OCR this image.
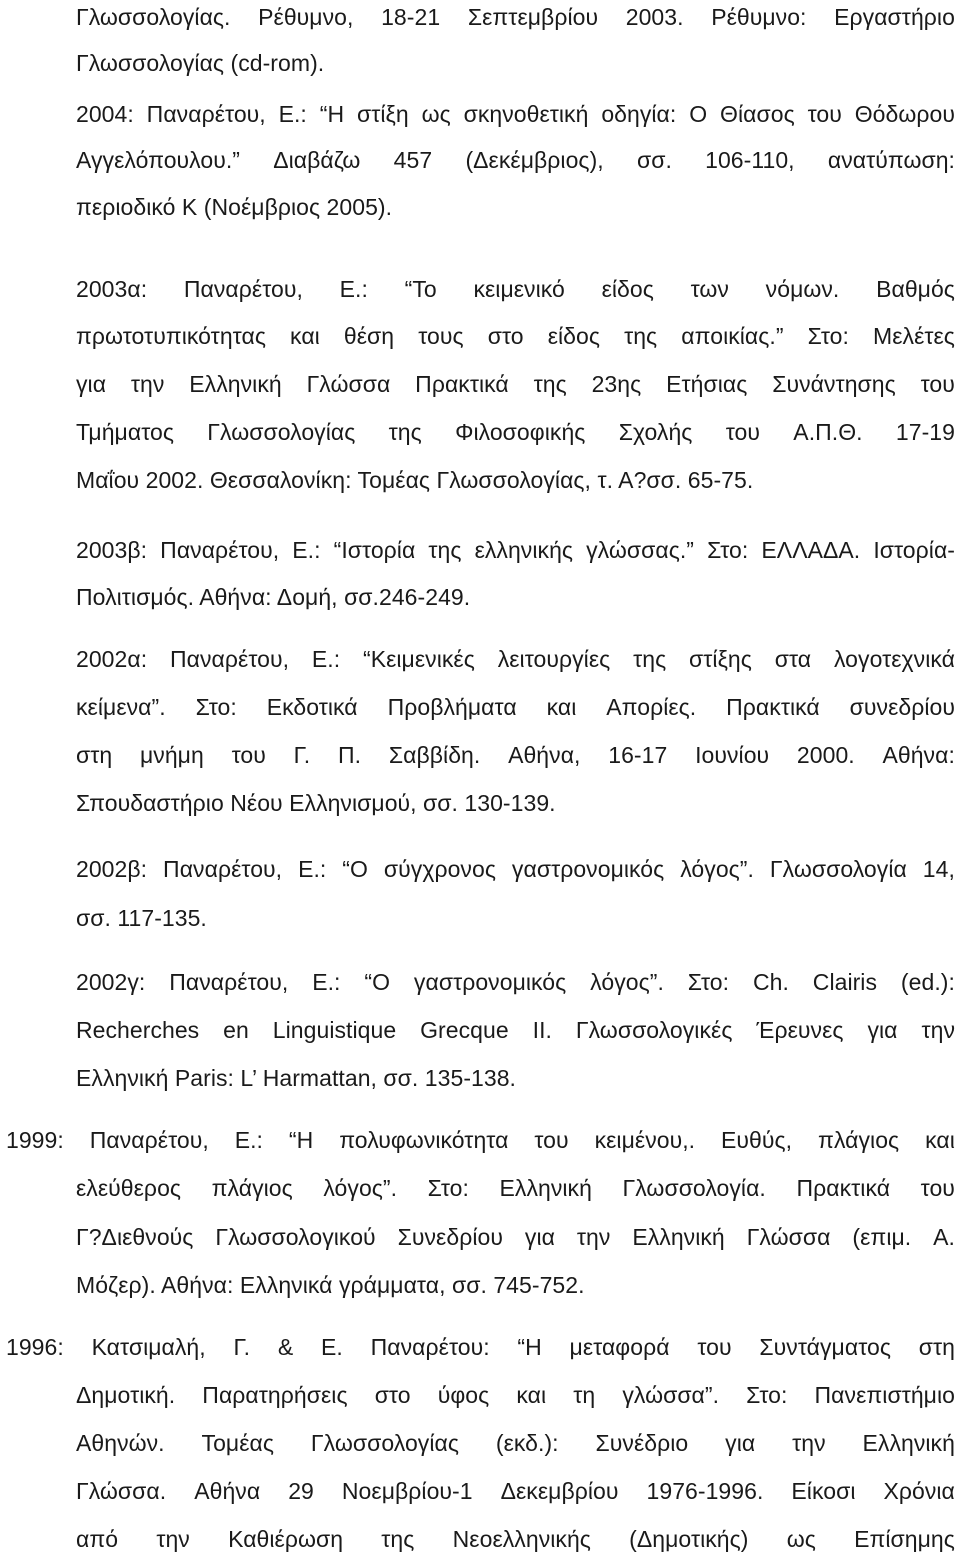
Γλωσσολογίας. Ρέθυμνο, 18-21 Σεπτεμβρίου 2003. Ρέθυμνο: Εργαστήριο
Γλωσσολογίας (cd-rom).
2004: Παναρέτου, Ε.: “Η στίξη ως σκηνοθετική οδηγία: Ο Θίασος του Θόδωρου
Αγγελόπουλου.” Διαβάζω 457 (Δεκέμβριος), σσ. 106-110, ανατύπωση:
περιοδικό Κ (Νοέμβριος 2005).
2003α: Παναρέτου, Ε.: “Το κειμενικό είδος των νόμων. Βαθμός
πρωτοτυπικότητας και θέση τους στο είδος της αποικίας.” Στο: Μελέτες
για την Ελληνική Γλώσσα Πρακτικά της 23ης Ετήσιας Συνάντησης του
Τμήματος Γλωσσολογίας της Φιλοσοφικής Σχολής του Α.Π.Θ. 17-19
Μαΐου 2002. Θεσσαλονίκη: Τομέας Γλωσσολογίας, τ. Α?σσ. 65-75.
2003β: Παναρέτου, Ε.: “Ιστορία της ελληνικής γλώσσας.” Στο: ΕΛΛΑΔΑ. Ιστορία-
Πολιτισμός. Αθήνα: Δομή, σσ.246-249.
2002α: Παναρέτου, Ε.: “Κειμενικές λειτουργίες της στίξης στα λογοτεχνικά
κείμενα”. Στο: Εκδοτικά Προβλήματα και Απορίες. Πρακτικά συνεδρίου
στη μνήμη του Γ. Π. Σαββίδη. Αθήνα, 16-17 Ιουνίου 2000. Αθήνα:
Σπουδαστήριο Νέου Ελληνισμού, σσ. 130-139.
2002β: Παναρέτου, Ε.: “Ο σύγχρονος γαστρονομικός λόγος”. Γλωσσολογία 14,
σσ. 117-135.
2002γ: Παναρέτου, Ε.: “Ο γαστρονομικός λόγος”. Στο: Ch. Clairis (ed.):
Recherches en Linguistique Grecque II. Γλωσσολογικές Έρευνες για την
Ελληνική Paris: L’ Harmattan, σσ. 135-138.
1999: Παναρέτου, Ε.: “Η πολυφωνικότητα του κειμένου,. Ευθύς, πλάγιος και
ελεύθερος πλάγιος λόγος”. Στο: Ελληνική Γλωσσολογία. Πρακτικά του
Γ?Διεθνούς Γλωσσολογικού Συνεδρίου για την Ελληνική Γλώσσα (επιμ. Α.
Μόζερ). Αθήνα: Ελληνικά γράμματα, σσ. 745-752.
1996: Κατσιμαλή, Γ. & Ε. Παναρέτου: “Η μεταφορά του Συντάγματος στη
Δημοτική. Παρατηρήσεις στο ύφος και τη γλώσσα”. Στο: Πανεπιστήμιο
Αθηνών. Τομέας Γλωσσολογίας (εκδ.): Συνέδριο για την Ελληνική
Γλώσσα. Αθήνα 29 Νοεμβρίου-1 Δεκεμβρίου 1976-1996. Είκοσι Χρόνια
από την Καθιέρωση της Νεοελληνικής (Δημοτικής) ως Επίσημης
